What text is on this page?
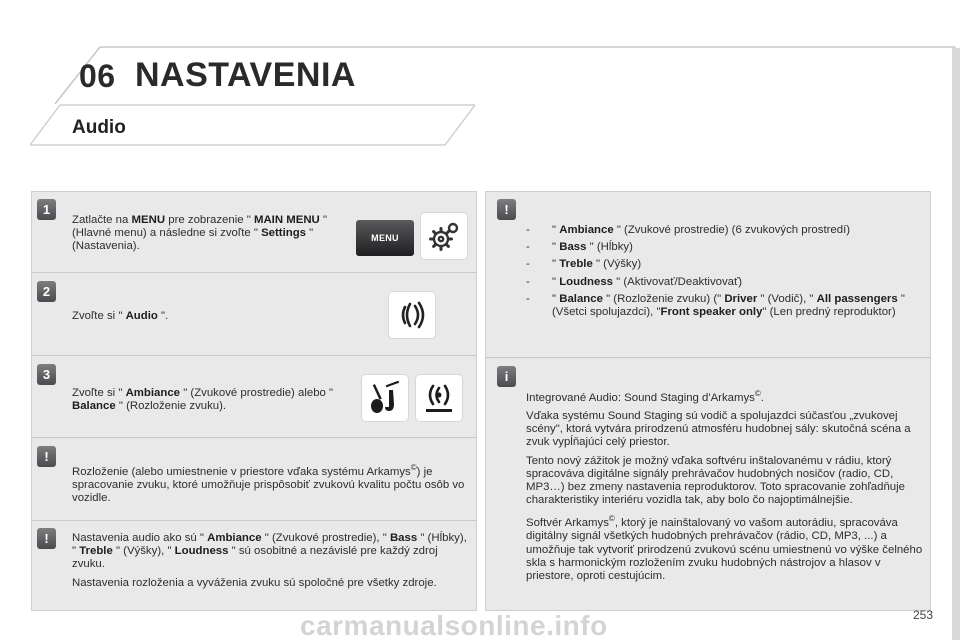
06 NASTAVENIA
Audio
1
Zatlačte na MENU pre zobrazenie " MAIN MENU " (Hlavné menu) a následne si zvoľte " Settings " (Nastavenia).
MENU
2
Zvoľte si " Audio ".
3
Zvoľte si " Ambiance " (Zvukové prostredie) alebo " Balance " (Rozloženie zvuku).
!
Rozloženie (alebo umiestnenie v priestore vďaka systému Arkamys©) je spracovanie zvuku, ktoré umožňuje prispôsobiť zvukovú kvalitu počtu osôb vo vozidle.
!	Nastavenia audio ako sú " Ambiance " (Zvukové prostredie), " Bass " (Hĺbky), " Treble " (Výšky), " Loudness " sú osobitné a nezávislé pre každý zdroj zvuku.

Nastavenia rozloženia a vyváženia zvuku sú spoločné pre všetky zdroje.

!
- " Ambiance " (Zvukové prostredie) (6 zvukových prostredí)
- " Bass " (Hĺbky)
- " Treble " (Výšky)
- " Loudness " (Aktivovať/Deaktivovať)
- " Balance " (Rozloženie zvuku) (" Driver " (Vodič), " All passengers " (Všetci spolujazdci), "Front speaker only" (Len predný reproduktor)
i

Integrované Audio: Sound Staging d'Arkamys©.

Vďaka systému Sound Staging sú vodič a spolujazdci súčasťou „zvukovej scény", ktorá vytvára prirodzenú atmosféru hudobnej sály: skutočná scéna a zvuk vypĺňajúci celý priestor.

Tento nový zážitok je možný vďaka softvéru inštalovanému v rádiu, ktorý spracováva digitálne signály prehrávačov hudobných nosičov (radio, CD, MP3…) bez zmeny nastavenia reproduktorov. Toto spracovanie zohľadňuje charakteristiky interiéru vozidla tak, aby bolo čo najoptimálnejšie.

Softvér Arkamys©, ktorý je nainštalovaný vo vašom autorádiu, spracováva digitálny signál všetkých hudobných prehrávačov (rádio, CD, MP3, ...) a umožňuje tak vytvoriť prirodzenú zvukovú scénu umiestnenú vo výške čelného skla s harmonickým rozložením zvuku hudobných nástrojov a hlasov v priestore, oproti cestujúcim.

253
carmanualsonline.info
